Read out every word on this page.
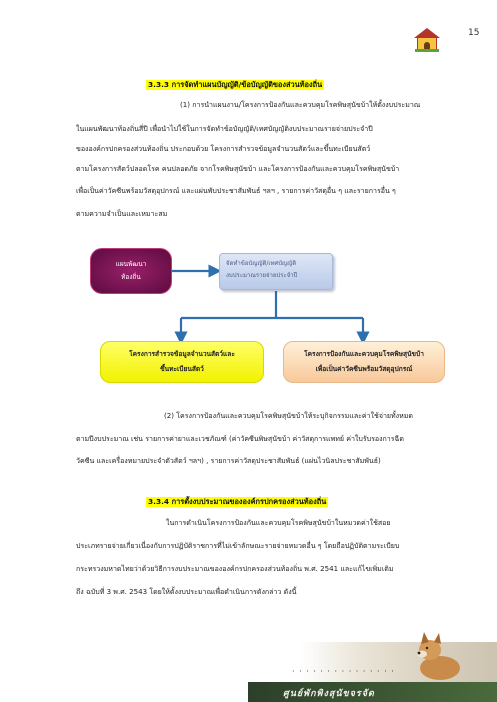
15
3.3.3 การจัดทำแผนบัญญัติ/ข้อบัญญัติของส่วนท้องถิ่น
(1) การนำแผนงาน/โครงการป้องกันและควบคุมโรคพิษสุนัขบ้าให้ตั้งงบประมาณ
ในแผนพัฒนาท้องถิ่นสี่ปี เพื่อนำไปใช้ในการจัดทำข้อบัญญัติ/เทศบัญญัติงบประมาณรายจ่ายประจำปี
ขององค์กรปกครองส่วนท้องถิ่น ประกอบด้วย โครงการสำรวจข้อมูลจำนวนสัตว์และขึ้นทะเบียนสัตว์
ตามโครงการสัตว์ปลอดโรค คนปลอดภัย จากโรคพิษสุนัขบ้า และโครงการป้องกันและควบคุมโรคพิษสุนัขบ้า
เพื่อเป็นค่าวัคซีนพร้อมวัสดุอุปกรณ์ และแผ่นพับประชาสัมพันธ์ ฯลฯ , รายการค่าวัสดุอื่น ๆ และรายการอื่น ๆ
ตามความจำเป็นและเหมาะสม
แผนพัฒนา
ท้องถิ่น
จัดทำข้อบัญญัติ/เทศบัญญัติ
งบประมาณรายจ่ายประจำปี
โครงการสำรวจข้อมูลจำนวนสัตว์และ
ขึ้นทะเบียนสัตว์
โครงการป้องกันและควบคุมโรคพิษสุนัขบ้า
เพื่อเป็นค่าวัคซีนพร้อมวัสดุอุปกรณ์
(2) โครงการป้องกันและควบคุมโรคพิษสุนัขบ้าให้ระบุกิจกรรมและค่าใช้จ่ายทั้งหมด
ตามปีงบประมาณ เช่น รายการค่ายาและเวชภัณฑ์ (ค่าวัคซีนพิษสุนัขบ้า ค่าวัสดุการแพทย์ ค่าใบรับรองการฉีด
วัคซีน และเครื่องหมายประจำตัวสัตว์ ฯลฯ) , รายการค่าวัสดุประชาสัมพันธ์ (แผ่นไวนิลประชาสัมพันธ์)
3.3.4 การตั้งงบประมาณขององค์กรปกครองส่วนท้องถิ่น
ในการดำเนินโครงการป้องกันและควบคุมโรคพิษสุนัขบ้าในหมวดค่าใช้สอย
ประเภทรายจ่ายเกี่ยวเนื่องกับการปฏิบัติราชการที่ไม่เข้าลักษณะรายจ่ายหมวดอื่น ๆ โดยถือปฏิบัติตามระเบียบ
กระทรวงมหาดไทยว่าด้วยวิธีการงบประมาณขององค์กรปกครองส่วนท้องถิ่น พ.ศ. 2541 และแก้ไขเพิ่มเติม
ถึง ฉบับที่ 3 พ.ศ. 2543 โดยให้ตั้งงบประมาณเพื่อดำเนินการดังกล่าว ดังนี้
· · · · · · · · · · · · · · ·
ศูนย์พักพิงสุนัขจรจัด
